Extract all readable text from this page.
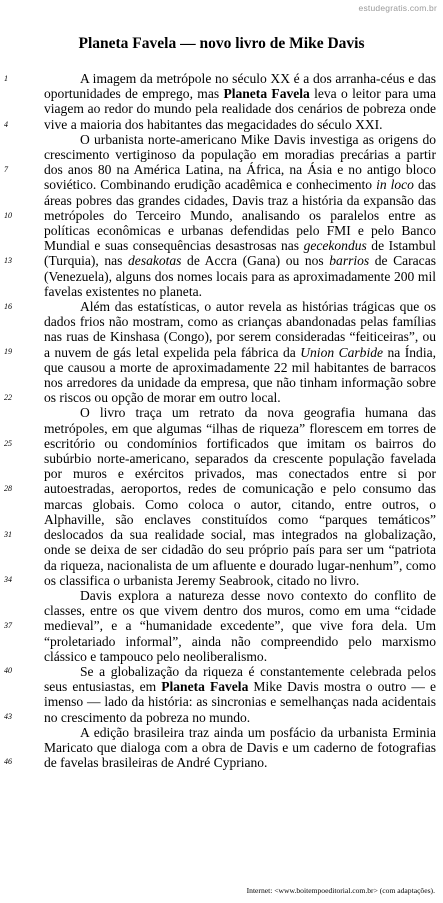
estudegratis.com.br
Planeta Favela — novo livro de Mike Davis
1
4
7
10
13
16
19
22
25
28
31
34
37
40
43
46

A imagem da metrópole no século XX é a dos arranha-céus e das oportunidades de emprego, mas Planeta Favela leva o leitor para uma viagem ao redor do mundo pela realidade dos cenários de pobreza onde vive a maioria dos habitantes das megacidades do século XXI.

O urbanista norte-americano Mike Davis investiga as origens do crescimento vertiginoso da população em moradias precárias a partir dos anos 80 na América Latina, na África, na Ásia e no antigo bloco soviético. Combinando erudição acadêmica e conhecimento in loco das áreas pobres das grandes cidades, Davis traz a história da expansão das metrópoles do Terceiro Mundo, analisando os paralelos entre as políticas econômicas e urbanas defendidas pelo FMI e pelo Banco Mundial e suas consequências desastrosas nas gecekondus de Istambul (Turquia), nas desakotas de Accra (Gana) ou nos barrios de Caracas (Venezuela), alguns dos nomes locais para as aproximadamente 200 mil favelas existentes no planeta.

Além das estatísticas, o autor revela as histórias trágicas que os dados frios não mostram, como as crianças abandonadas pelas famílias nas ruas de Kinshasa (Congo), por serem consideradas “feiticeiras”, ou a nuvem de gás letal expelida pela fábrica da Union Carbide na Índia, que causou a morte de aproximadamente 22 mil habitantes de barracos nos arredores da unidade da empresa, que não tinham informação sobre os riscos ou opção de morar em outro local.

O livro traça um retrato da nova geografia humana das metrópoles, em que algumas “ilhas de riqueza” florescem em torres de escritório ou condomínios fortificados que imitam os bairros do subúrbio norte-americano, separados da crescente população favelada por muros e exércitos privados, mas conectados entre si por autoestradas, aeroportos, redes de comunicação e pelo consumo das marcas globais. Como coloca o autor, citando, entre outros, o Alphaville, são enclaves constituídos como “parques temáticos” deslocados da sua realidade social, mas integrados na globalização, onde se deixa de ser cidadão do seu próprio país para ser um “patriota da riqueza, nacionalista de um afluente e dourado lugar-nenhum”, como os classifica o urbanista Jeremy Seabrook, citado no livro.

Davis explora a natureza desse novo contexto do conflito de classes, entre os que vivem dentro dos muros, como em uma “cidade medieval”, e a “humanidade excedente”, que vive fora dela. Um “proletariado informal”, ainda não compreendido pelo marxismo clássico e tampouco pelo neoliberalismo.

Se a globalização da riqueza é constantemente celebrada pelos seus entusiastas, em Planeta Favela Mike Davis mostra o outro — e imenso — lado da história: as sincronias e semelhanças nada acidentais no crescimento da pobreza no mundo.

A edição brasileira traz ainda um posfácio da urbanista Erminia Maricato que dialoga com a obra de Davis e um caderno de fotografias de favelas brasileiras de André Cypriano.

Internet: <www.boitempoeditorial.com.br> (com adaptações).
